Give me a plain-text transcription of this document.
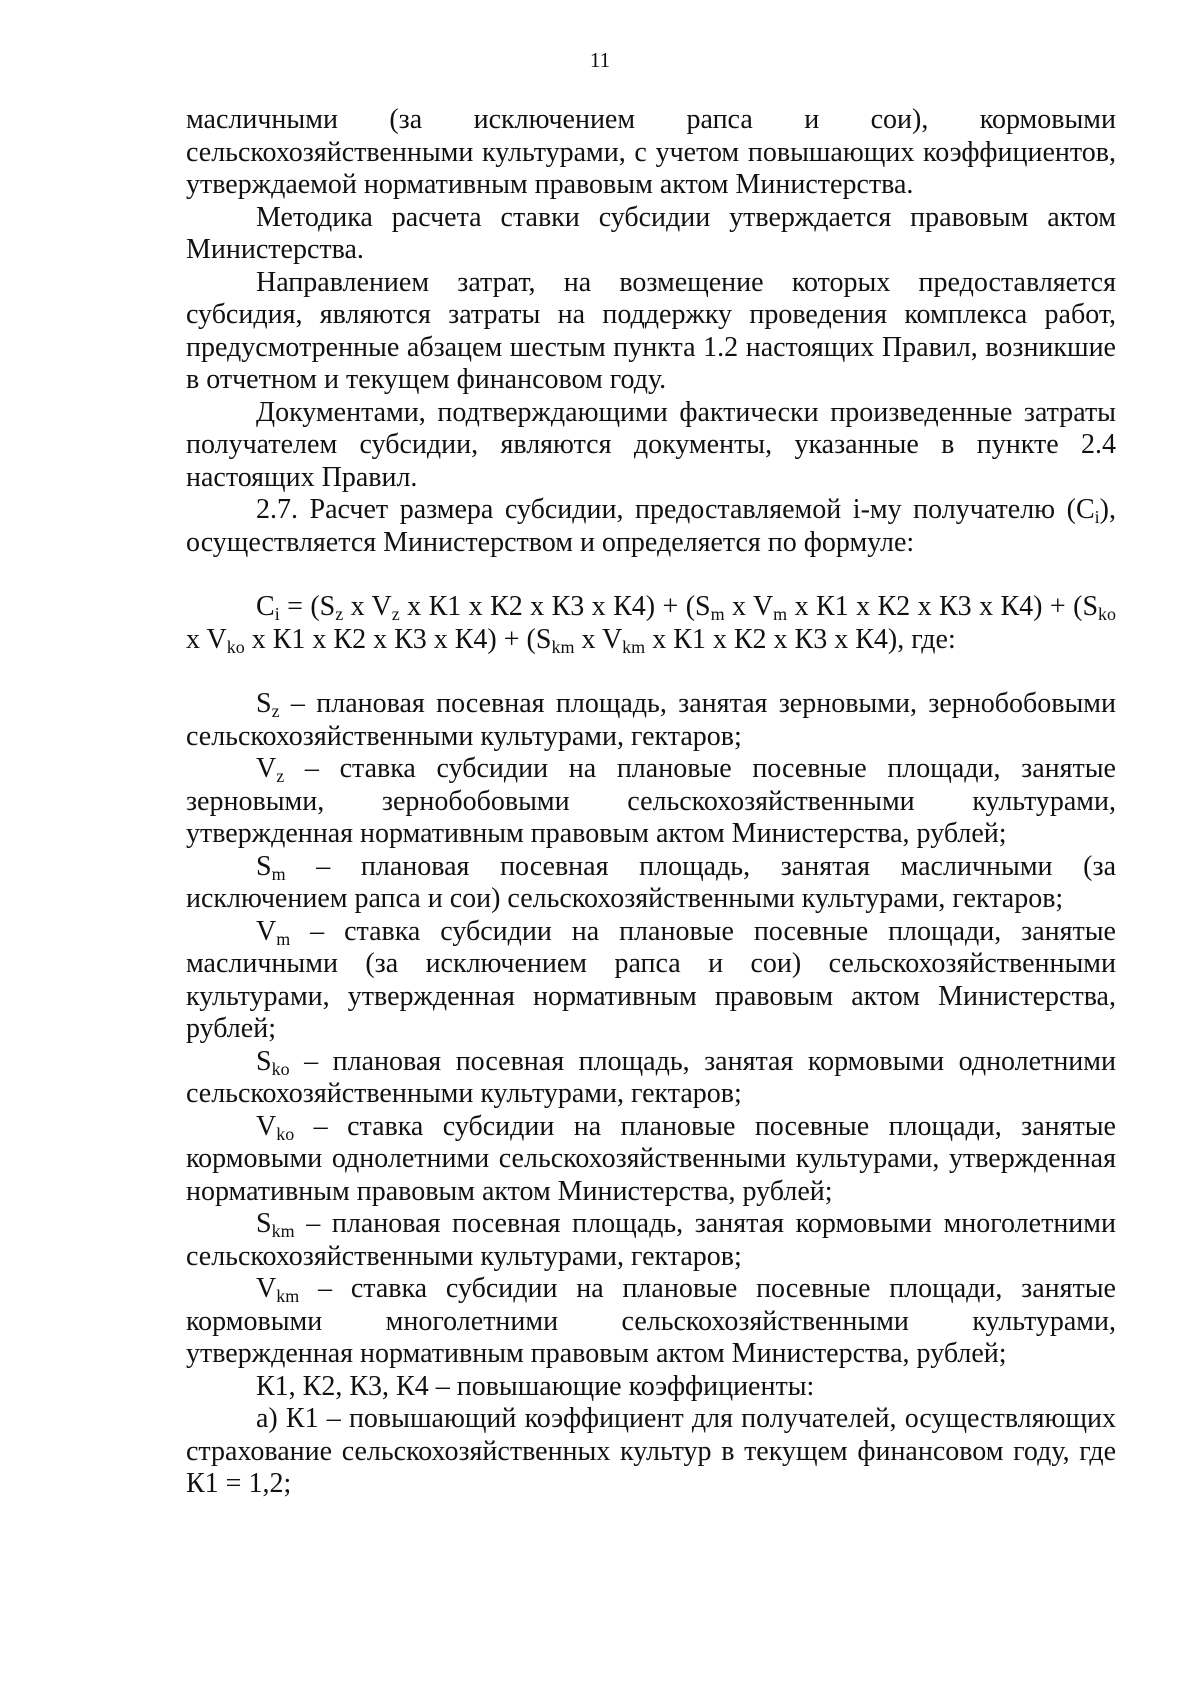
11

масличными (за исключением рапса и сои), кормовыми сельскохозяйственными культурами, с учетом повышающих коэффициентов, утверждаемой нормативным правовым актом Министерства.

Методика расчета ставки субсидии утверждается правовым актом Министерства.

Направлением затрат, на возмещение которых предоставляется субсидия, являются затраты на поддержку проведения комплекса работ, предусмотренные абзацем шестым пункта 1.2 настоящих Правил, возникшие в отчетном и текущем финансовом году.

Документами, подтверждающими фактически произведенные затраты получателем субсидии, являются документы, указанные в пункте 2.4 настоящих Правил.

2.7. Расчет размера субсидии, предоставляемой i-му получателю $(C_i)$, осуществляется Министерством и определяется по формуле:

$C_i = (S_z$ x $V_z$ x К1 x К2 x К3 x $К4) + (S_m$ x $V_m$ x К1 x К2 x К3 x $К4) + (S_{ko}$ x $V_{ko}$ x К1 x К2 x К3 x $К4) + (S_{km}$ x $V_{km}$ x К1 x К2 x К3 x К4), где:

$S_z$ – плановая посевная площадь, занятая зерновыми, зернобобовыми сельскохозяйственными культурами, гектаров;

$V_z$ – ставка субсидии на плановые посевные площади, занятые зерновыми, зернобобовыми сельскохозяйственными культурами, утвержденная нормативным правовым актом Министерства, рублей;

$S_m$ – плановая посевная площадь, занятая масличными (за исключением рапса и сои) сельскохозяйственными культурами, гектаров;

$V_m$ – ставка субсидии на плановые посевные площади, занятые масличными (за исключением рапса и сои) сельскохозяйственными культурами, утвержденная нормативным правовым актом Министерства, рублей;

$S_{ko}$ – плановая посевная площадь, занятая кормовыми однолетними сельскохозяйственными культурами, гектаров;

$V_{ko}$ – ставка субсидии на плановые посевные площади, занятые кормовыми однолетними сельскохозяйственными культурами, утвержденная нормативным правовым актом Министерства, рублей;

$S_{km}$ – плановая посевная площадь, занятая кормовыми многолетними сельскохозяйственными культурами, гектаров;

$V_{km}$ – ставка субсидии на плановые посевные площади, занятые кормовыми многолетними сельскохозяйственными культурами, утвержденная нормативным правовым актом Министерства, рублей;

К1, К2, К3, К4 – повышающие коэффициенты:

а) К1 – повышающий коэффициент для получателей, осуществляющих страхование сельскохозяйственных культур в текущем финансовом году, где К1 = 1,2;
